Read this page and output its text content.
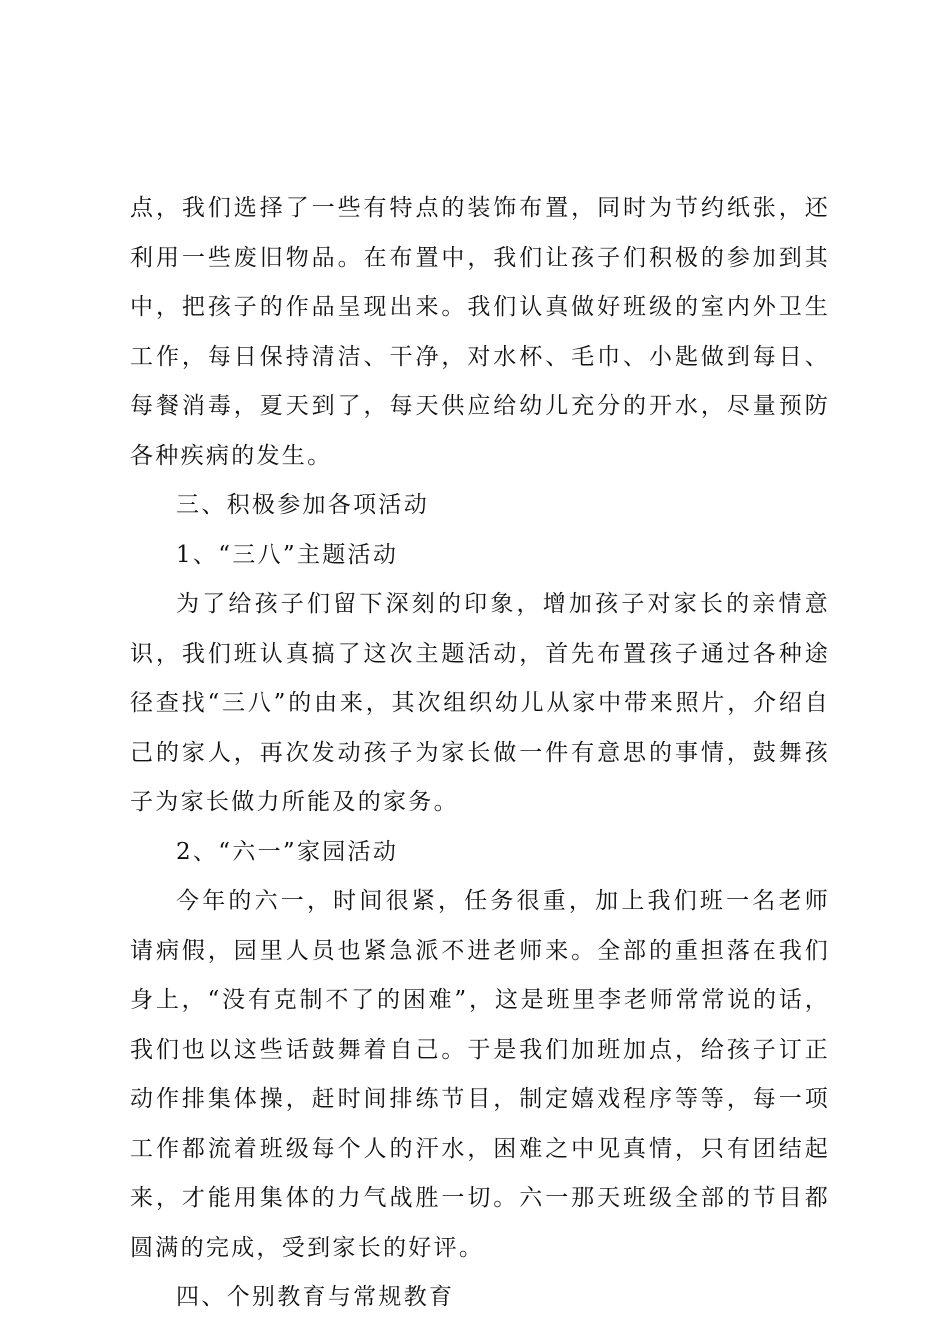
点，我们选择了一些有特点的装饰布置，同时为节约纸张，还利用一些废旧物品。在布置中，我们让孩子们积极的参加到其中，把孩子的作品呈现出来。我们认真做好班级的室内外卫生工作，每日保持清洁、干净，对水杯、毛巾、小匙做到每日、每餐消毒，夏天到了，每天供应给幼儿充分的开水，尽量预防各种疾病的发生。

三、积极参加各项活动

1、“三八”主题活动

为了给孩子们留下深刻的印象，增加孩子对家长的亲情意识，我们班认真搞了这次主题活动，首先布置孩子通过各种途径查找“三八”的由来，其次组织幼儿从家中带来照片，介绍自己的家人，再次发动孩子为家长做一件有意思的事情，鼓舞孩子为家长做力所能及的家务。

2、“六一”家园活动

今年的六一，时间很紧，任务很重，加上我们班一名老师请病假，园里人员也紧急派不进老师来。全部的重担落在我们身上，“没有克制不了的困难”，这是班里李老师常常说的话，我们也以这些话鼓舞着自己。于是我们加班加点，给孩子订正动作排集体操，赶时间排练节目，制定嬉戏程序等等，每一项工作都流着班级每个人的汗水，困难之中见真情，只有团结起来，才能用集体的力气战胜一切。六一那天班级全部的节目都圆满的完成，受到家长的好评。

四、个别教育与常规教育
